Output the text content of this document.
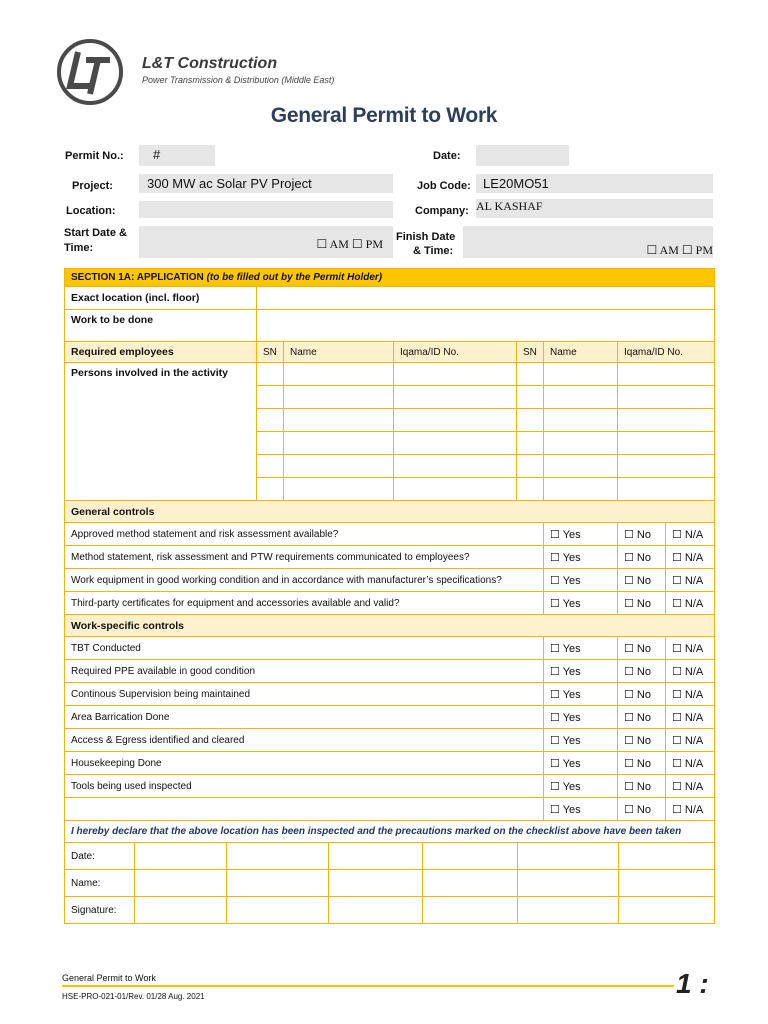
L&T Construction
Power Transmission & Distribution (Middle East)
General Permit to Work
Permit No.: #	Date:
Project:	300 MW ac Solar PV Project	Job Code: LE20MO51
Location:	Company: AL KASHAF
Start Date &
Time:	☐ AM ☐ PM Finish Date
& Time:	☐ AM ☐ PM
SECTION 1A: APPLICATION (to be filled out by the Permit Holder)							
Exact location (incl. floor)							
Work to be done							
Required employees	SN	Name	Iqama/ID No.	SN	Name	Iqama/ID No.	
Persons involved in the activity							

General controls							
Approved method statement and risk assessment available?					☐ Yes	☐ No	☐ N/A
Method statement, risk assessment and PTW requirements communicated to employees?					☐ Yes	☐ No	☐ N/A
Work equipment in good working condition and in accordance with manufacturer’s specifications?					☐ Yes	☐ No	☐ N/A
Third-party certificates for equipment and accessories available and valid?					☐ Yes	☐ No	☐ N/A
Work-specific controls							
TBT Conducted					☐ Yes	☐ No	☐ N/A
Required PPE available in good condition					☐ Yes	☐ No	☐ N/A
Continous Supervision being maintained					☐ Yes	☐ No	☐ N/A
Area Barrication Done					☐ Yes	☐ No	☐ N/A
Access & Egress identified and cleared					☐ Yes	☐ No	☐ N/A
Housekeeping Done					☐ Yes	☐ No	☐ N/A
Tools being used inspected					☐ Yes	☐ No	☐ N/A
					☐ Yes	☐ No	☐ N/A
I hereby declare that the above location has been inspected and the precautions marked on the checklist above have been taken							
Date:						
Name:						
Signature:						
General Permit to Work
HSE-PRO-021-01/Rev. 01/28 Aug. 2021	1 :
